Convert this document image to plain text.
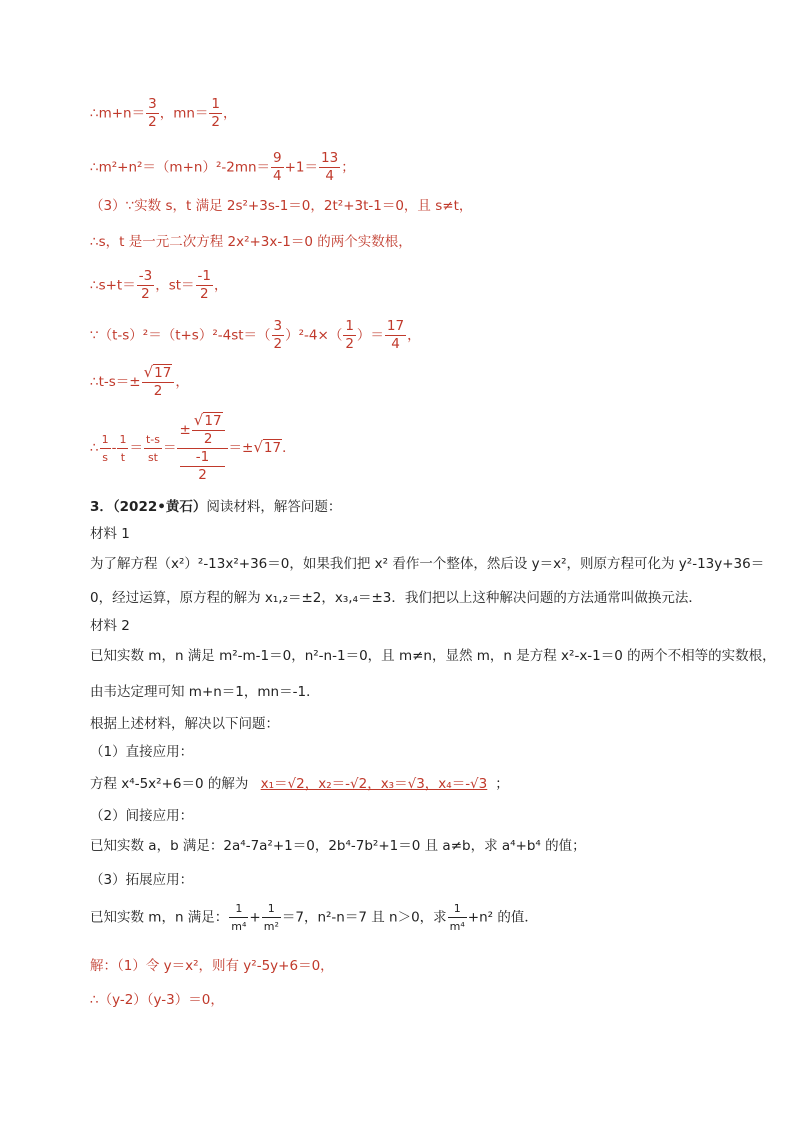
∴m+n＝ $\frac{3}{2}$ ，$mn= \frac{1}{2}$ ，
∴m²+n²＝（m+n）²-2mn＝ $\frac{9}{4} +1= \frac{13}{4}$ ；
（3）∵实数 s，t 满足 2s²+3s-1＝0，2t²+3t-1＝0，且 s≠t，
∴s，t 是一元二次方程 2x²+3x-1＝0 的两个实数根，
∴s+t＝ $\frac{-3}{2}$ ，$st= \frac{-1}{2}$ ，
∵（t-s）²＝（t+s）²-4st＝（ $\frac{3}{2} )^2-4\times( \frac{1}{2}$ ）＝ $\frac{17}{4}$ ，
∴t-s＝± $\frac{√17}{2}$ ，
∴ $\frac{1}{s} - \frac{1}{t} = \frac{t-s}{st}$ ＝ ± $\frac{√17}{2}$
-1
2 ＝±√17．
3．（2022•黄石）阅读材料，解答问题：
材料 1
为了解方程（x²）²-13x²+36＝0，如果我们把 x² 看作一个整体，然后设 y＝x²，则原方程可化为 y²-13y+36＝
0，经过运算，原方程的解为 x₁,₂＝±2，x₃,₄＝±3．我们把以上这种解决问题的方法通常叫做换元法．
材料 2
已知实数 m，n 满足 m²-m-1＝0，n²-n-1＝0，且 m≠n，显然 m，n 是方程 x²-x-1＝0 的两个不相等的实数根，
由韦达定理可知 m+n＝1，mn＝-1．
根据上述材料，解决以下问题：
（1）直接应用：
方程 x⁴-5x²+6＝0 的解为 x₁＝√2，x₂＝-√2，x₃＝√3，x₄＝-√3 ；
（2）间接应用：
已知实数 a，b 满足：2a⁴-7a²+1＝0，2b⁴-7b²+1＝0 且 a≠b，求 a⁴+b⁴ 的值；
（3）拓展应用：
已知实数 m，n 满足： $\frac{1}{\text{m⁴}} + \frac{1}{\text{m²}} =7$，n²-n＝7 且 n＞0，求 $\frac{1}{\text{m⁴}} +n^2$ 的值．
解：（1）令 y＝x²，则有 y²-5y+6＝0，
∴（y-2）（y-3）＝0，
